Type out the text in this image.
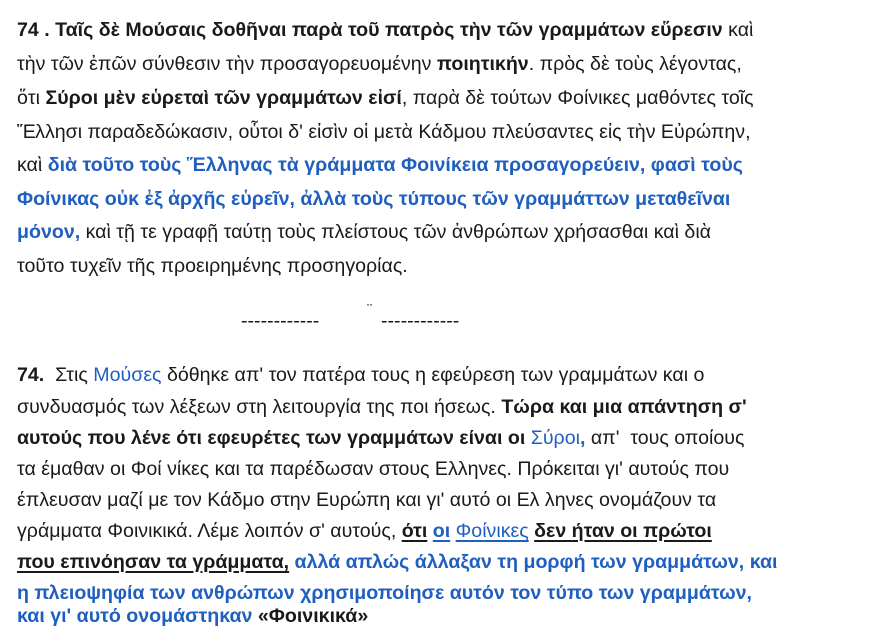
74 . Ταῖς δὲ Μούσαις δοθῆναι παρὰ τοῦ πατρὸς τὴν τῶν γραμμάτων εὕρεσιν καὶ
τὴν τῶν ἐπῶν σύνθεσιν τὴν προσαγορευομένην ποιητικήν. πρὸς δὲ τοὺς λέγοντας,
ὅτι Σύροι μὲν εὑρεταὶ τῶν γραμμάτων εἰσί, παρὰ δὲ τούτων Φοίνικες μαθόντες τοῖς
Ἕλλησι παραδεδώκασιν, οὗτοι δ' εἰσὶν οἱ μετὰ Κάδμου πλεύσαντες εἰς τὴν Εὐρώπην,
καὶ διὰ τοῦτο τοὺς Ἕλληνας τὰ γράμματα Φοινίκεια προσαγορεύειν, φασὶ τοὺς
Φοίνικας οὐκ ἐξ ἀρχῆς εὑρεῖν, ἀλλὰ τοὺς τύπους τῶν γραμμάττων μεταθεῖναι
μόνον, καὶ τῇ τε γραφῇ ταύτῃ τοὺς πλείστους τῶν ἀνθρώπων χρήσασθαι καὶ διὰ
τοῦτο τυχεῖν τῆς προειρημένης προσηγορίας.
------------	¨ ------------
74.  Στις Μούσες δόθηκε απ' τον πατέρα τους η εφεύρεση των γραμμάτων και ο
συνδυασμός των λέξεων στη λειτουργία της ποι ήσεως. Τώρα και μια απάντηση σ'
αυτούς που λένε ότι εφευρέτες των γραμμάτων είναι οι Σύροι, απ'  τους οποίους
τα έμαθαν οι Φοί νίκες και τα παρέδωσαν στους Ελληνες. Πρόκειται γι' αυτούς που
έπλευσαν μαζί με τον Κάδμο στην Ευρώπη και γι' αυτό οι Ελ ληνες ονομάζουν τα
γράμματα Φοινικικά. Λέμε λοιπόν σ' αυτούς, ότι οι Φοίνικες δεν ήταν οι πρώτοι
που επινόησαν τα γράμματα, αλλά απλώς άλλαξαν τη μορφή των γραμμάτων, και
η πλειοψηφία των ανθρώπων χρησιμοποίησε αυτόν τον τύπο των γραμμάτων,
και γι' αυτό ονομάστηκαν «Φοινικικά»
